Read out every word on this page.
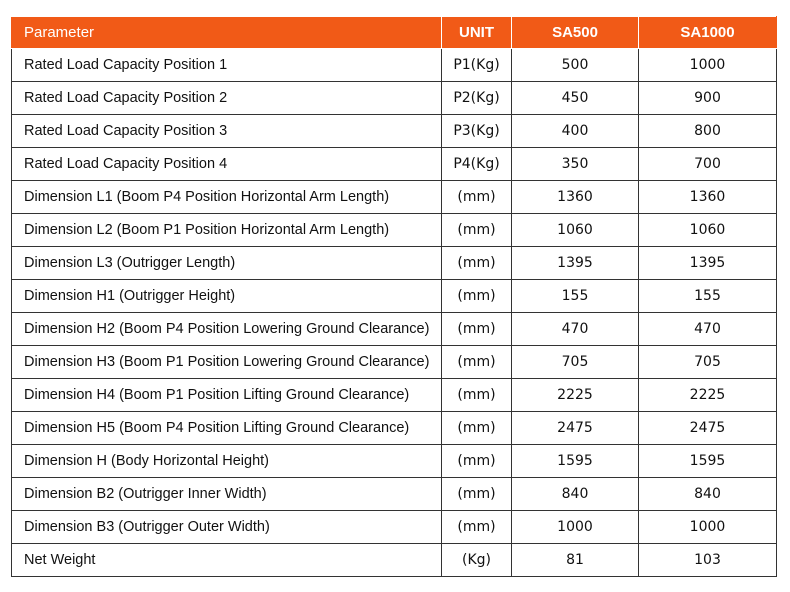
Parameter	UNIT	SA500	SA1000
Rated Load Capacity Position 1	P1(Kg)	500	1000
Rated Load Capacity Position 2	P2(Kg)	450	900
Rated Load Capacity Position 3	P3(Kg)	400	800
Rated Load Capacity Position 4	P4(Kg)	350	700
Dimension L1 (Boom P4 Position Horizontal Arm Length)	(mm)	1360	1360
Dimension L2 (Boom P1 Position Horizontal Arm Length)	(mm)	1060	1060
Dimension L3 (Outrigger Length)	(mm)	1395	1395
Dimension H1 (Outrigger Height)	(mm)	155	155
Dimension H2 (Boom P4 Position Lowering Ground Clearance)	(mm)	470	470
Dimension H3 (Boom P1 Position Lowering Ground Clearance)	(mm)	705	705
Dimension H4 (Boom P1 Position Lifting Ground Clearance)	(mm)	2225	2225
Dimension H5 (Boom P4 Position Lifting Ground Clearance)	(mm)	2475	2475
Dimension H (Body Horizontal Height)	(mm)	1595	1595
Dimension B2 (Outrigger Inner Width)	(mm)	840	840
Dimension B3 (Outrigger Outer Width)	(mm)	1000	1000
Net Weight	(Kg)	81	103
